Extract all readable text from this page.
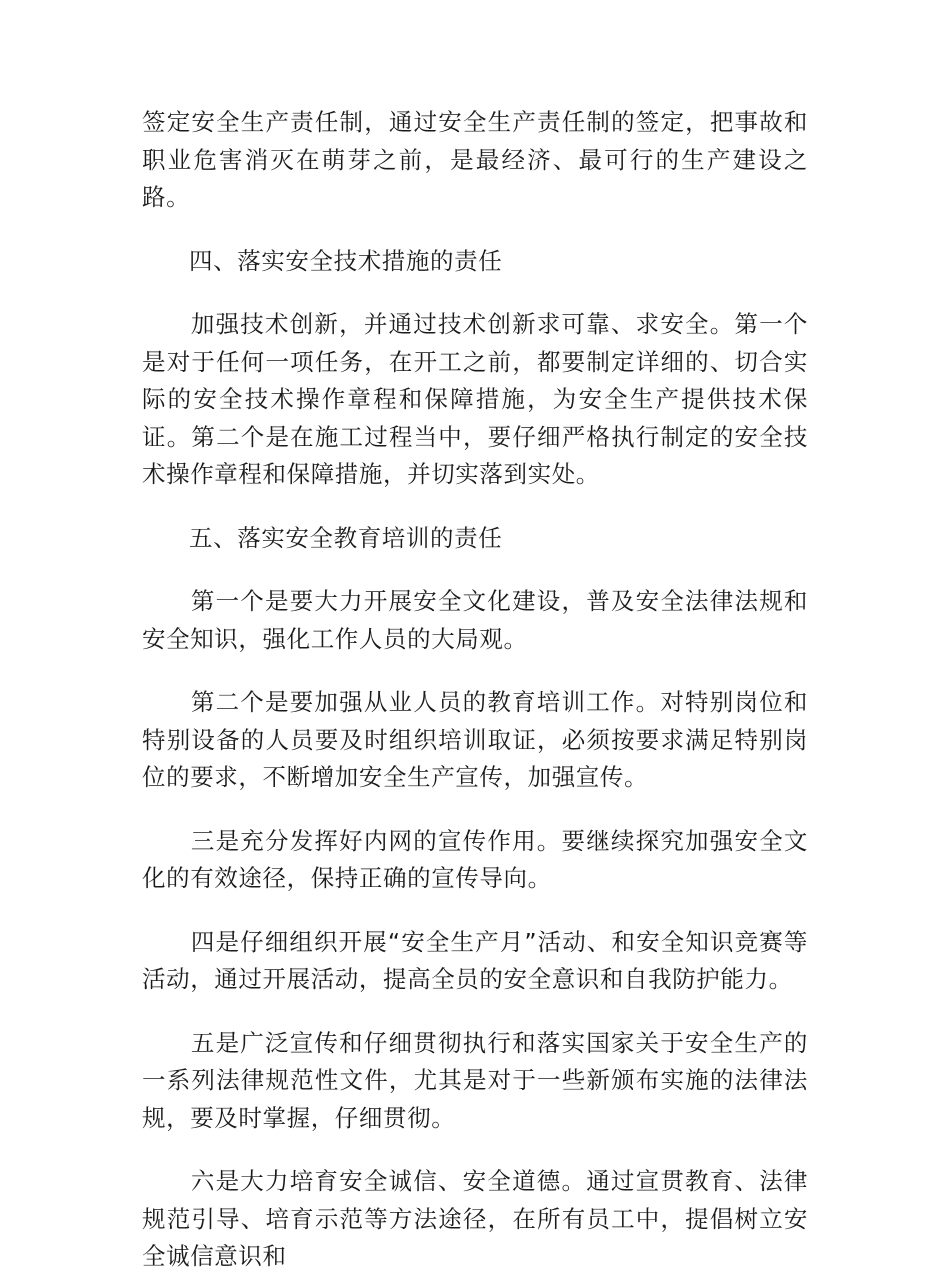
签定安全生产责任制，通过安全生产责任制的签定，把事故和职业危害消灭在萌芽之前，是最经济、最可行的生产建设之路。

四、落实安全技术措施的责任

加强技术创新，并通过技术创新求可靠、求安全。第一个是对于任何一项任务，在开工之前，都要制定详细的、切合实际的安全技术操作章程和保障措施，为安全生产提供技术保证。第二个是在施工过程当中，要仔细严格执行制定的安全技术操作章程和保障措施，并切实落到实处。

五、落实安全教育培训的责任

第一个是要大力开展安全文化建设，普及安全法律法规和安全知识，强化工作人员的大局观。

第二个是要加强从业人员的教育培训工作。对特别岗位和特别设备的人员要及时组织培训取证，必须按要求满足特别岗位的要求，不断增加安全生产宣传，加强宣传。

三是充分发挥好内网的宣传作用。要继续探究加强安全文化的有效途径，保持正确的宣传导向。

四是仔细组织开展“安全生产月”活动、和安全知识竞赛等活动，通过开展活动，提高全员的安全意识和自我防护能力。

五是广泛宣传和仔细贯彻执行和落实国家关于安全生产的一系列法律规范性文件，尤其是对于一些新颁布实施的法律法规，要及时掌握，仔细贯彻。

六是大力培育安全诚信、安全道德。通过宣贯教育、法律规范引导、培育示范等方法途径，在所有员工中，提倡树立安全诚信意识和
